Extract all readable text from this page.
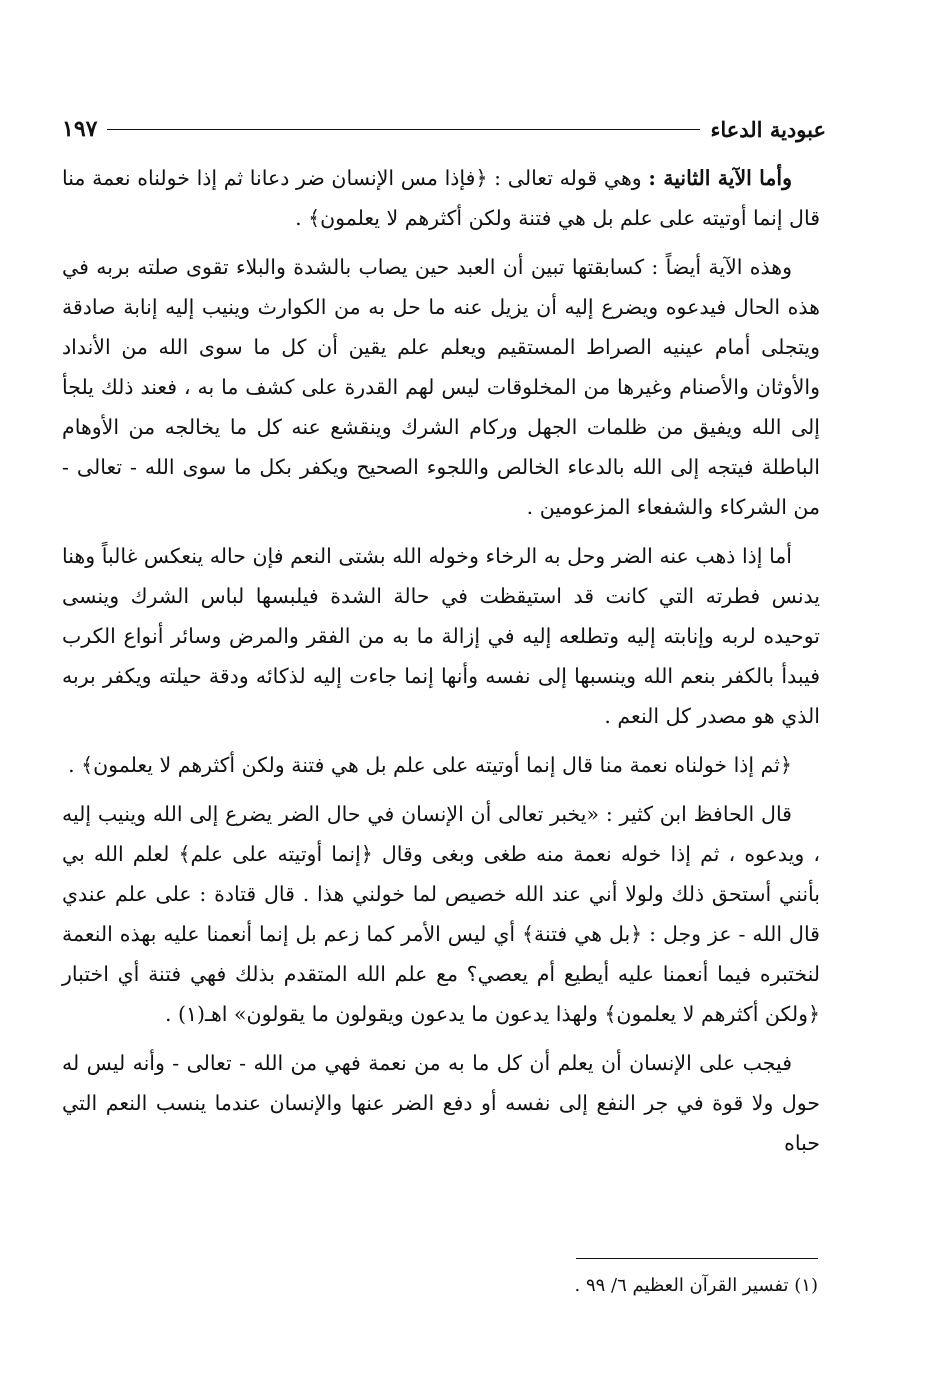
١٩٧	عبودية الدعاء

وأما الآية الثانية : وهي قوله تعالى : ﴿فإذا مس الإنسان ضر دعانا ثم إذا خولناه نعمة منا قال إنما أوتيته على علم بل هي فتنة ولكن أكثرهم لا يعلمون﴾ .

وهذه الآية أيضاً : كسابقتها تبين أن العبد حين يصاب بالشدة والبلاء تقوى صلته بربه في هذه الحال فيدعوه ويضرع إليه أن يزيل عنه ما حل به من الكوارث وينيب إليه إنابة صادقة ويتجلى أمام عينيه الصراط المستقيم ويعلم علم يقين أن كل ما سوى الله من الأنداد والأوثان والأصنام وغيرها من المخلوقات ليس لهم القدرة على كشف ما به ، فعند ذلك يلجأ إلى الله ويفيق من ظلمات الجهل وركام الشرك وينقشع عنه كل ما يخالجه من الأوهام الباطلة فيتجه إلى الله بالدعاء الخالص واللجوء الصحيح ويكفر بكل ما سوى الله - تعالى - من الشركاء والشفعاء المزعومين .

أما إذا ذهب عنه الضر وحل به الرخاء وخوله الله بشتى النعم فإن حاله ينعكس غالباً وهنا يدنس فطرته التي كانت قد استيقظت في حالة الشدة فيلبسها لباس الشرك وينسى توحيده لربه وإنابته إليه وتطلعه إليه في إزالة ما به من الفقر والمرض وسائر أنواع الكرب فيبدأ بالكفر بنعم الله وينسبها إلى نفسه وأنها إنما جاءت إليه لذكائه ودقة حيلته ويكفر بربه الذي هو مصدر كل النعم .

﴿ثم إذا خولناه نعمة منا قال إنما أوتيته على علم بل هي فتنة ولكن أكثرهم لا يعلمون﴾ .

قال الحافظ ابن كثير : «يخبر تعالى أن الإنسان في حال الضر يضرع إلى الله وينيب إليه ، ويدعوه ، ثم إذا خوله نعمة منه طغى وبغى وقال ﴿إنما أوتيته على علم﴾ لعلم الله بي بأنني أستحق ذلك ولولا أني عند الله خصيص لما خولني هذا . قال قتادة : على علم عندي قال الله - عز وجل : ﴿بل هي فتنة﴾ أي ليس الأمر كما زعم بل إنما أنعمنا عليه بهذه النعمة لنختبره فيما أنعمنا عليه أيطيع أم يعصي؟ مع علم الله المتقدم بذلك فهي فتنة أي اختبار ﴿ولكن أكثرهم لا يعلمون﴾ ولهذا يدعون ما يدعون ويقولون ما يقولون» اهـ(١) .

فيجب على الإنسان أن يعلم أن كل ما به من نعمة فهي من الله - تعالى - وأنه ليس له حول ولا قوة في جر النفع إلى نفسه أو دفع الضر عنها والإنسان عندما ينسب النعم التي حباه

(١) تفسير القرآن العظيم ٦/ ٩٩ .
